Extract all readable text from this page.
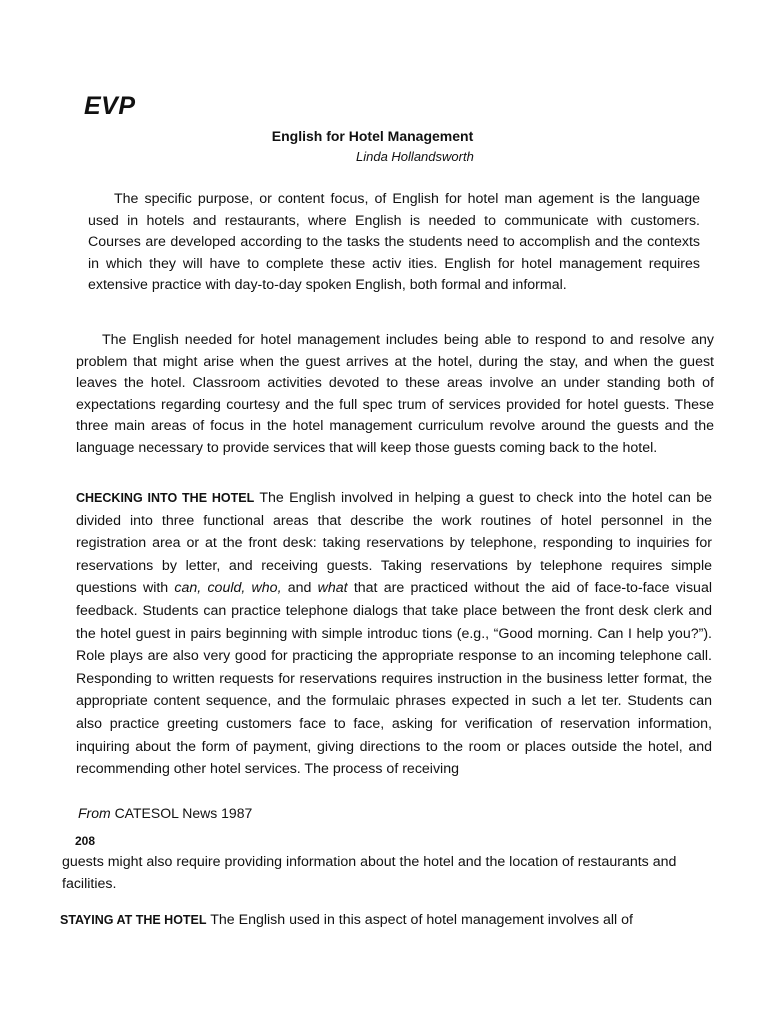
EVP
English for Hotel Management
Linda Hollandsworth

The specific purpose, or content focus, of English for hotel man agement is the language used in hotels and restaurants, where English is needed to communicate with customers. Courses are developed according to the tasks the students need to accomplish and the contexts in which they will have to complete these activ ities. English for hotel management requires extensive practice with day-to-day spoken English, both formal and informal.

The English needed for hotel management includes being able to respond to and resolve any problem that might arise when the guest arrives at the hotel, during the stay, and when the guest leaves the hotel. Classroom activities devoted to these areas involve an under standing both of expectations regarding courtesy and the full spec trum of services provided for hotel guests. These three main areas of focus in the hotel management curriculum revolve around the guests and the language necessary to provide services that will keep those guests coming back to the hotel.

CHECKING INTO THE HOTEL The English involved in helping a guest to check into the hotel can be divided into three functional areas that describe the work routines of hotel personnel in the registration area or at the front desk: taking reservations by telephone, responding to inquiries for reservations by letter, and receiving guests. Taking reservations by telephone requires simple questions with can, could, who, and what that are practiced without the aid of face-to-face visual feedback. Students can practice telephone dialogs that take place between the front desk clerk and the hotel guest in pairs beginning with simple introduc tions (e.g., “Good morning. Can I help you?”). Role plays are also very good for practicing the appropriate response to an incoming telephone call. Responding to written requests for reservations requires instruction in the business letter format, the appropriate content sequence, and the formulaic phrases expected in such a let ter. Students can also practice greeting customers face to face, asking for verification of reservation information, inquiring about the form of payment, giving directions to the room or places outside the hotel, and recommending other hotel services. The process of receiving

From CATESOL News 1987
208

guests might also require providing information about the hotel and the location of restaurants and facilities.

STAYING AT THE HOTEL The English used in this aspect of hotel management involves all of
